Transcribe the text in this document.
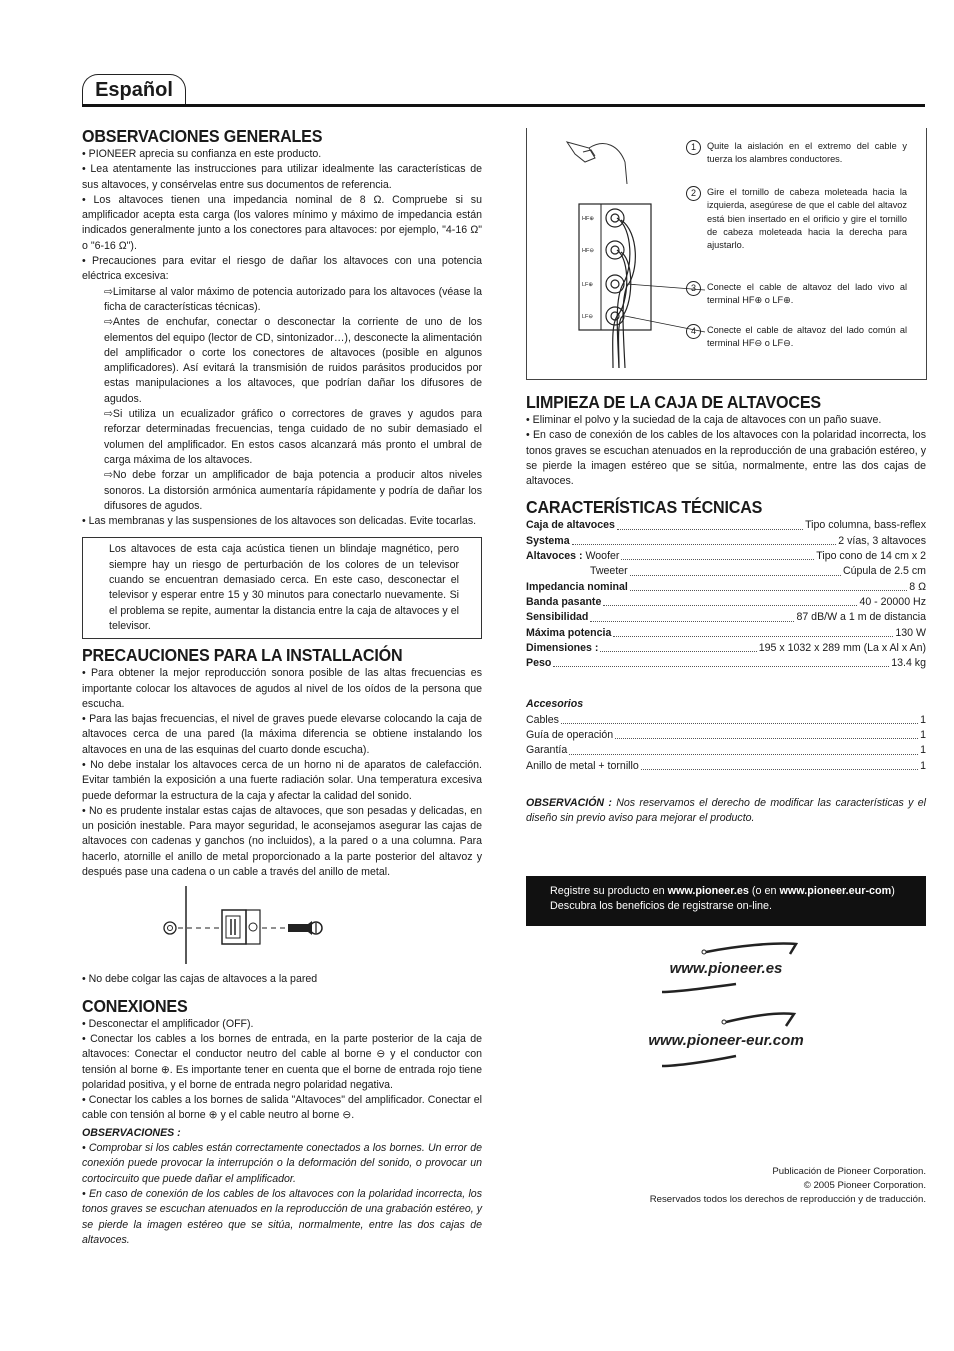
Español
OBSERVACIONES GENERALES

• PIONEER aprecia su confianza en este producto.

• Lea atentamente las instrucciones para utilizar idealmente las características de sus altavoces, y consérvelas entre sus documentos de referencia.

• Los altavoces tienen una impedancia nominal de 8 Ω. Compruebe si su amplificador acepta esta carga (los valores mínimo y máximo de impedancia están indicados generalmente junto a los conectores para altavoces: por ejemplo, "4-16 Ω" o "6-16 Ω").

• Precauciones para evitar el riesgo de dañar los altavoces con una potencia eléctrica excesiva:

⇨ Limitarse al valor máximo de potencia autorizado para los altavoces (véase la ficha de características técnicas).

⇨ Antes de enchufar, conectar o desconectar la corriente de uno de los elementos del equipo (lector de CD, sintonizador…), desconecte la alimentación del amplificador o corte los conectores de altavoces (posible en algunos amplificadores). Así evitará la transmisión de ruidos parásitos producidos por estas manipulaciones a los altavoces, que podrían dañar los difusores de agudos.

⇨ Si utiliza un ecualizador gráfico o correctores de graves y agudos para reforzar determinadas frecuencias, tenga cuidado de no subir demasiado el volumen del amplificador. En estos casos alcanzará más pronto el umbral de carga máxima de los altavoces.

⇨ No debe forzar un amplificador de baja potencia a producir altos niveles sonoros. La distorsión armónica aumentaría rápidamente y podría de dañar los difusores de agudos.

• Las membranas y las suspensiones de los altavoces son delicadas. Evite tocarlas.

Los altavoces de esta caja acústica tienen un blindaje magnético, pero siempre hay un riesgo de perturbación de los colores de un televisor cuando se encuentran demasiado cerca. En este caso, desconectar el televisor y esperar entre 15 y 30 minutos para conectarlo nuevamente. Si el problema se repite, aumentar la distancia entre la caja de altavoces y el televisor.

PRECAUCIONES PARA LA INSTALLACIÓN

• Para obtener la mejor reproducción sonora posible de las altas frecuencias es importante colocar los altavoces de agudos al nivel de los oídos de la persona que escucha.

• Para las bajas frecuencias, el nivel de graves puede elevarse colocando la caja de altavoces cerca de una pared (la máxima diferencia se obtiene instalando los altavoces en una de las esquinas del cuarto donde escucha).

• No debe instalar los altavoces cerca de un horno ni de aparatos de calefacción. Evitar también la exposición a una fuerte radiación solar. Una temperatura excesiva puede deformar la estructura de la caja y afectar la calidad del sonido.

• No es prudente instalar estas cajas de altavoces, que son pesadas y delicadas, en un posición inestable. Para mayor seguridad, le aconsejamos asegurar las cajas de altavoces con cadenas y ganchos (no incluidos), a la pared o a una columna. Para hacerlo, atornille el anillo de metal proporcionado a la parte posterior del altavoz y después pase una cadena o un cable a través del anillo de metal.

• No debe colgar las cajas de altavoces a la pared

CONEXIONES

• Desconectar el amplificador (OFF).

• Conectar los cables a los bornes de entrada, en la parte posterior de la caja de altavoces: Conectar el conductor neutro del cable al borne ⊖ y el conductor con tensión al borne ⊕. Es importante tener en cuenta que el borne de entrada rojo tiene polaridad positiva, y el borne de entrada negro polaridad negativa.

• Conectar los cables a los bornes de salida "Altavoces" del amplificador. Conectar el cable con tensión al borne ⊕ y el cable neutro al borne ⊖.

OBSERVACIONES :

• Comprobar si los cables están correctamente conectados a los bornes. Un error de conexión puede provocar la interrupción o la deformación del sonido, o provocar un cortocircuito que puede dañar el amplificador.

• En caso de conexión de los cables de los altavoces con la polaridad incorrecta, los tonos graves se escuchan atenuados en la reproducción de una grabación estéreo, y se pierde la imagen estéreo que se sitúa, normalmente, entre las dos cajas de altavoces.

HF⊕
HF⊖
LF⊕
LF⊖
1	Quite la aislación en el extremo del cable y tuerza los alambres conductores.
2	Gire el tornillo de cabeza moleteada hacia la izquierda, asegúrese de que el cable del altavoz está bien insertado en el orificio y gire el tornillo de cabeza moleteada hacia la derecha para ajustarlo.
3	Conecte el cable de altavoz del lado vivo al terminal HF⊕ o LF⊕.
4	Conecte el cable de altavoz del lado común al terminal HF⊖ o LF⊖.
LIMPIEZA DE LA CAJA DE ALTAVOCES

• Eliminar el polvo y la suciedad de la caja de altavoces con un paño suave.

• En caso de conexión de los cables de los altavoces con la polaridad incorrecta, los tonos graves se escuchan atenuados en la reproducción de una grabación estéreo, y se pierde la imagen estéreo que se sitúa, normalmente, entre las dos cajas de altavoces.

CARACTERÍSTICAS TÉCNICAS
Caja de altavoces	Tipo columna, bass-reflex
Systema	2 vías, 3 altavoces
Altavoces :
Woofer	Tipo cono de 14 cm x 2
Tweeter	Cúpula de 2.5 cm
Impedancia nominal	8 Ω
Banda pasante	40 - 20000 Hz
Sensibilidad	87 dB/W a 1 m de distancia
Máxima potencia	130 W
Dimensiones :	195 x 1032 x 289 mm (La x Al x An)
Peso	13.4 kg

Accesorios

Cables	1
Guía de operación	1
Garantía	1
Anillo de metal + tornillo	1

OBSERVACIÓN : Nos reservamos el derecho de modificar las características y el diseño sin previo aviso para mejorar el producto.

Registre su producto en www.pioneer.es (o en www.pioneer.eur-com)
Descubra los beneficios de registrarse on-line.
www.pioneer.es
www.pioneer-eur.com
Publicación de Pioneer Corporation.
© 2005 Pioneer Corporation.
Reservados todos los derechos de reproducción y de traducción.
